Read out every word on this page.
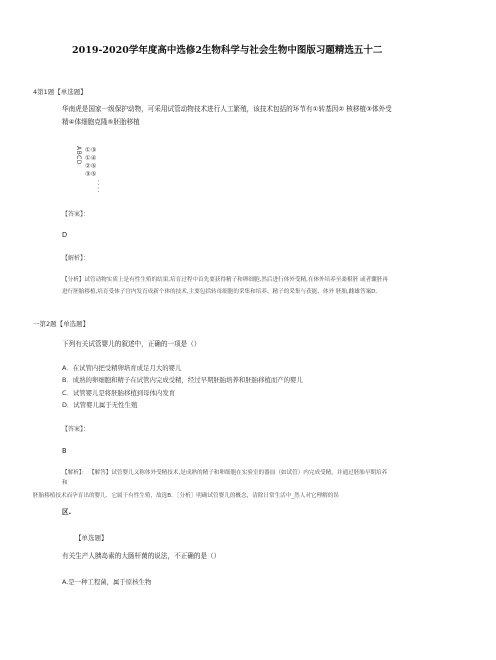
2019-2020学年度高中选修2生物科学与社会生物中图版习题精选五十二
4第1题【单选题】
华南虎是国家一级保护动物，可采用试管动物技术进行人工繁殖，该技术包括的环节有①转基因② 核移植③体外受
精④体细胞克隆⑤胚胎移植
ABCD ①③
①④
②⑤
③⑤
、、、、
【答案】：
D
【解析】：
【分析】试管动物实质上是有性生殖的结果,培育过程中首先要获得精子和卵细胞,然后进行体外受精,在体外培养至桑椹胚 或者囊胚再
进行胚胎移植,培育受体子宫内发育成新个体的技术,主要包括转母细胞的采集和培养、精子的采集与获能、体外 胚胎,雌雄答案D.
一第2题【单选题】
下列有关试管婴儿的叙述中，正确的一项是（）
A．在试管内把受精卵培育成足月大的婴儿
B．成熟的卵细胞和精子在试管内完成受精，经过早期胚胎培养和胚胎移植而产的婴儿
C．试管婴儿是将胚胎移植到母体内发育
D．试管婴儿属于无性生殖
【答案】：
B
【解析】： 【解答】试管婴儿又称体外受精技术,是成熟的精子和卵细胞在实验室的器皿（如试管）内完成受精，并通过胚胎早期培养
和
胚胎移植技术而孕育出的婴儿．它属于有性生殖，故选B．［分析］明确试管婴儿的概念，清除日常生活中_然人对它理解的误
区.
【单选题】
有关生产人胰岛素的大肠杆菌的说法，不正确的是（）
A.是一种工程菌，属于原核生物
